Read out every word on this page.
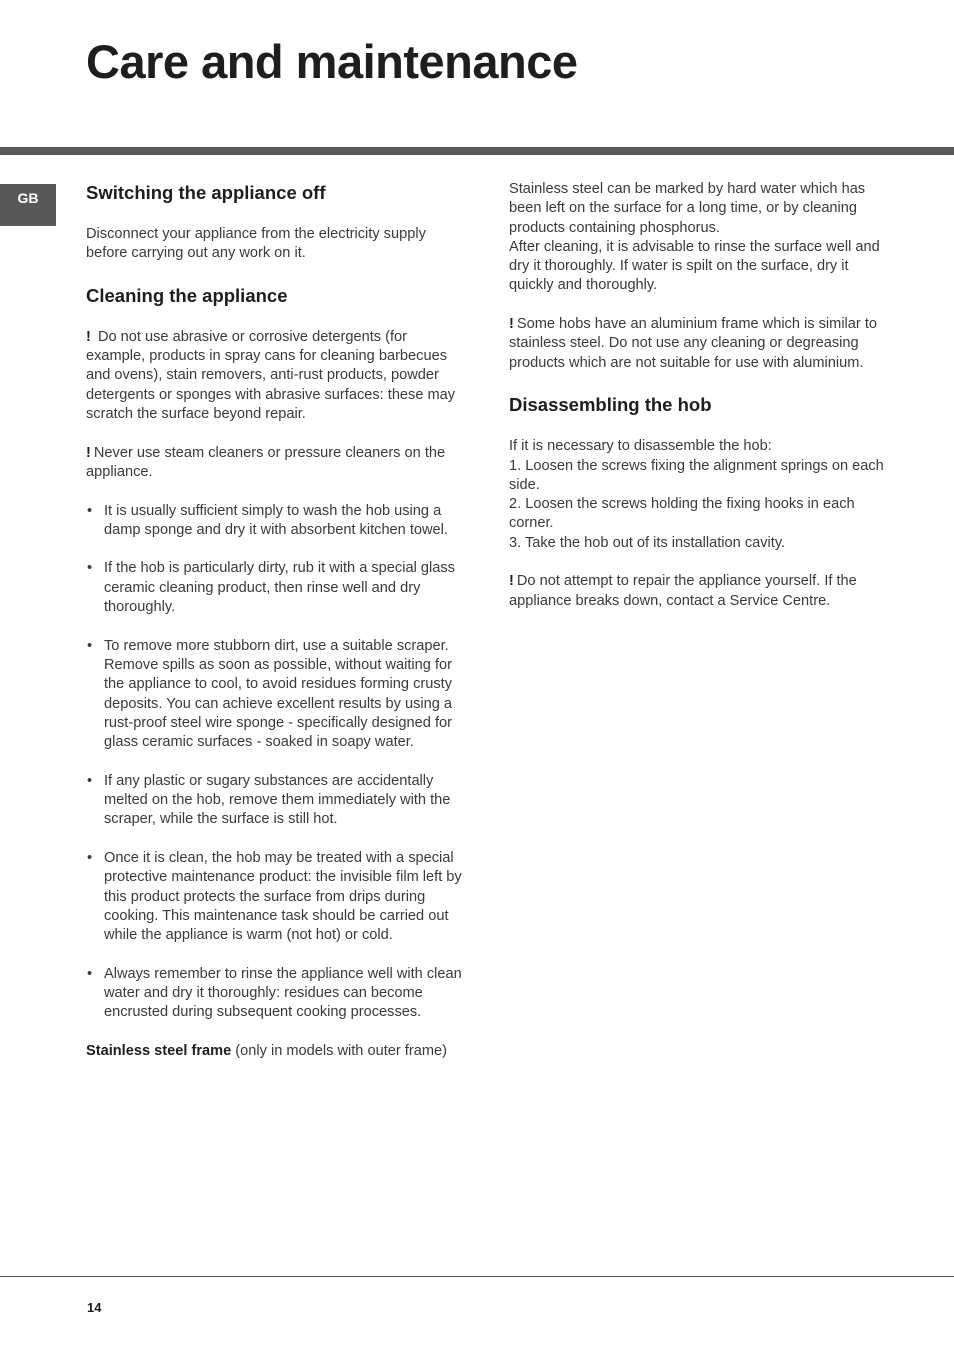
Care and maintenance
GB	Switching the appliance off

Disconnect your appliance from the electricity supply before carrying out any work on it.

Cleaning the appliance

! Do not use abrasive or corrosive detergents (for example, products in spray cans for cleaning barbecues and ovens), stain removers, anti-rust products, powder detergents or sponges with abrasive surfaces: these may scratch the surface beyond repair.

! Never use steam cleaners or pressure cleaners on the appliance.

• It is usually sufficient simply to wash the hob using a damp sponge and dry it with absorbent kitchen towel.
• If the hob is particularly dirty, rub it with a special glass ceramic cleaning product, then rinse well and dry thoroughly.
• To remove more stubborn dirt, use a suitable scraper. Remove spills as soon as possible, without waiting for the appliance to cool, to avoid residues forming crusty deposits. You can achieve excellent results by using a rust-proof steel wire sponge - specifically designed for glass ceramic surfaces - soaked in soapy water.
• If any plastic or sugary substances are accidentally melted on the hob, remove them immediately with the scraper, while the surface is still hot.
• Once it is clean, the hob may be treated with a special protective maintenance product: the invisible film left by this product protects the surface from drips during cooking. This maintenance task should be carried out while the appliance is warm (not hot) or cold.
• Always remember to rinse the appliance well with clean water and dry it thoroughly: residues can become encrusted during subsequent cooking processes.

Stainless steel frame (only in models with outer frame)

Stainless steel can be marked by hard water which has been left on the surface for a long time, or by cleaning products containing phosphorus.
After cleaning, it is advisable to rinse the surface well and dry it thoroughly. If water is spilt on the surface, dry it quickly and thoroughly.

! Some hobs have an aluminium frame which is similar to stainless steel. Do not use any cleaning or degreasing products which are not suitable for use with aluminium.

Disassembling the hob

If it is necessary to disassemble the hob:
1. Loosen the screws fixing the alignment springs on each side.
2. Loosen the screws holding the fixing hooks in each corner.
3. Take the hob out of its installation cavity.

! Do not attempt to repair the appliance yourself. If the appliance breaks down, contact a Service Centre.

14
